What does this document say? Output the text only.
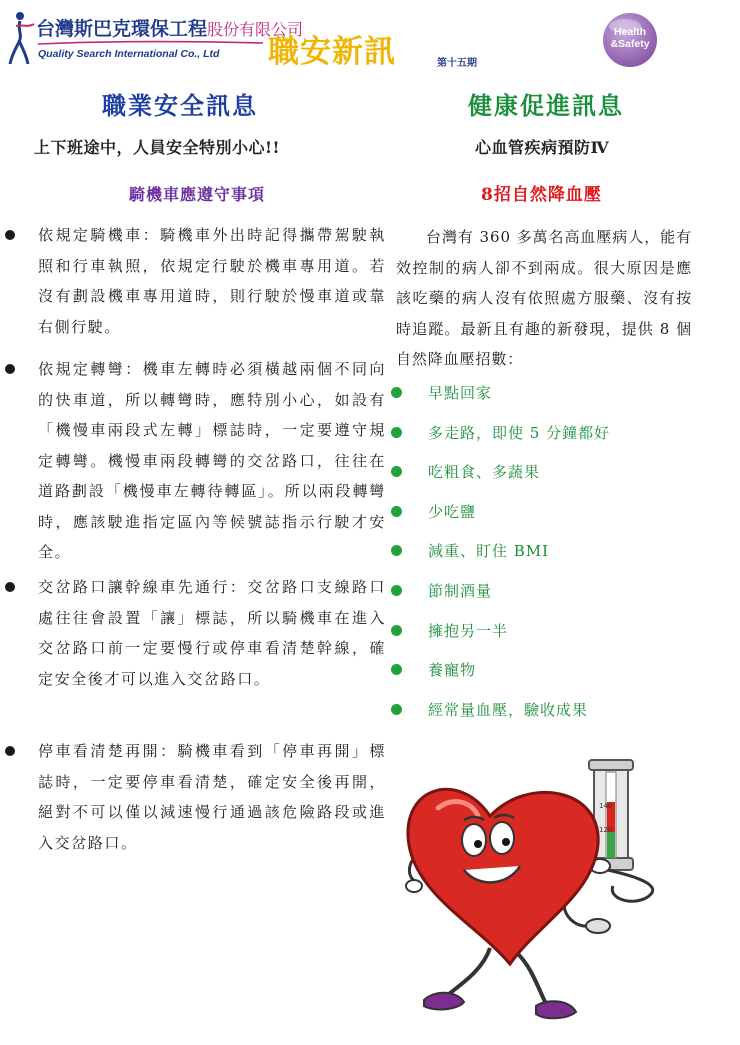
台灣斯巴克環保工程股份有限公司
Quality Search International Co., Ltd 職安新訊	第十五期
Health
&Safety
職業安全訊息	健康促進訊息
上下班途中，人員安全特別小心!!	心血管疾病預防Ⅳ
騎機車應遵守事項	8招自然降血壓

依規定騎機車：騎機車外出時記得攜帶駕駛執照和行車執照，依規定行駛於機車專用道。若沒有劃設機車專用道時，則行駛於慢車道或靠右側行駛。

依規定轉彎：機車左轉時必須橫越兩個不同向的快車道，所以轉彎時，應特別小心，如設有「機慢車兩段式左轉」標誌時，一定要遵守規定轉彎。機慢車兩段轉彎的交岔路口，往往在道路劃設「機慢車左轉待轉區」。所以兩段轉彎時，應該駛進指定區內等候號誌指示行駛才安全。

交岔路口讓幹線車先通行：交岔路口支線路口處往往會設置「讓」標誌，所以騎機車在進入交岔路口前一定要慢行或停車看清楚幹線，確定安全後才可以進入交岔路口。

停車看清楚再開：騎機車看到「停車再開」標誌時，一定要停車看清楚，確定安全後再開，絕對不可以僅以減速慢行通過該危險路段或進入交岔路口。

台灣有 360 多萬名高血壓病人，能有效控制的病人卻不到兩成。很大原因是應該吃藥的病人沒有依照處方服藥、沒有按時追蹤。最新且有趣的新發現，提供 8 個自然降血壓招數：

早點回家
多走路，即使 5 分鐘都好
吃粗食、多蔬果
少吃鹽
減重、盯住 BMI
節制酒量
擁抱另一半
養寵物
經常量血壓，驗收成果
140
120
